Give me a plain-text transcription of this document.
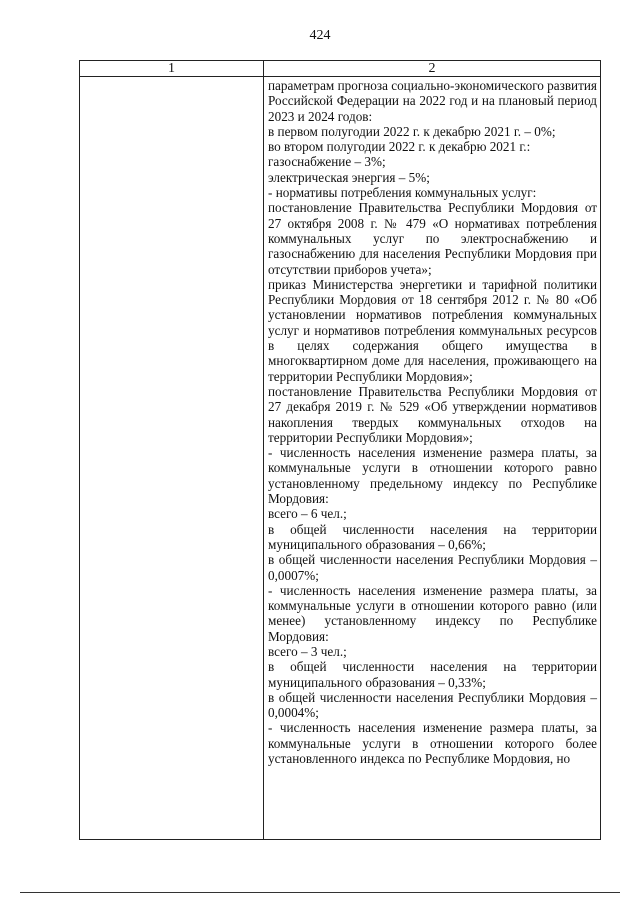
424
1	2

параметрам прогноза социально-экономического развития Российской Федерации на 2022 год и на плановый период 2023 и 2024 годов:

в первом полугодии 2022 г. к декабрю 2021 г. – 0%;

во втором полугодии 2022 г. к декабрю 2021 г.:

газоснабжение – 3%;

электрическая энергия – 5%;

- нормативы потребления коммунальных услуг:

постановление Правительства Республики Мордовия от 27 октября 2008 г. № 479 «О нормативах потребления коммунальных услуг по электроснабжению и газоснабжению для населения Республики Мордовия при отсутствии приборов учета»;

приказ Министерства энергетики и тарифной политики Республики Мордовия от 18 сентября 2012 г. № 80 «Об установлении нормативов потребления коммунальных услуг и нормативов потребления коммунальных ресурсов в целях содержания общего имущества в многоквартирном доме для населения, проживающего на территории Республики Мордовия»;

постановление Правительства Республики Мордовия от 27 декабря 2019 г. № 529 «Об утверждении нормативов накопления твердых коммунальных отходов на территории Республики Мордовия»;

- численность населения изменение размера платы, за коммунальные услуги в отношении которого равно установленному предельному индексу по Республике Мордовия:

всего – 6 чел.;

в общей численности населения на территории муниципального образования – 0,66%;

в общей численности населения Республики Мордовия – 0,0007%;

- численность населения изменение размера платы, за коммунальные услуги в отношении которого равно (или менее) установленному индексу по Республике Мордовия:

всего – 3 чел.;

в общей численности населения на территории муниципального образования – 0,33%;

в общей численности населения Республики Мордовия – 0,0004%;

- численность населения изменение размера платы, за коммунальные услуги в отношении которого более установленного индекса по Республике Мордовия, но
